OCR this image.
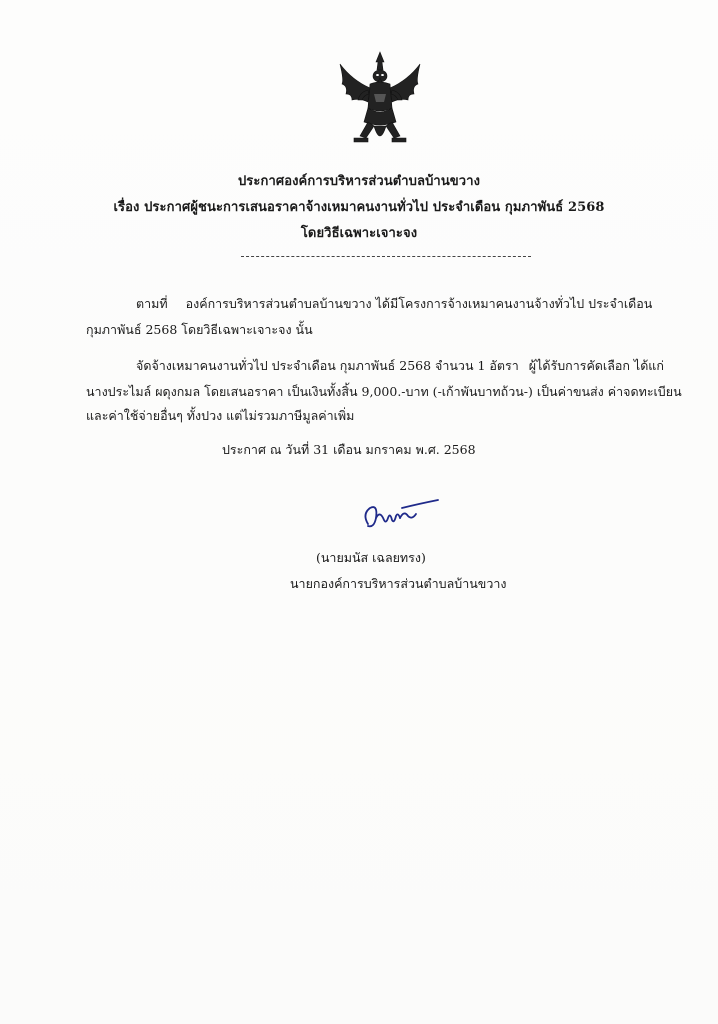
ประกาศองค์การบริหารส่วนตำบลบ้านขวาง
เรื่อง ประกาศผู้ชนะการเสนอราคาจ้างเหมาคนงานทั่วไป ประจำเดือน กุมภาพันธ์ 2568
โดยวิธีเฉพาะเจาะจง
ตามที่ องค์การบริหารส่วนตำบลบ้านขวาง ได้มีโครงการจ้างเหมาคนงานจ้างทั่วไป ประจำเดือน
กุมภาพันธ์ 2568 โดยวิธีเฉพาะเจาะจง นั้น
จัดจ้างเหมาคนงานทั่วไป ประจำเดือน กุมภาพันธ์ 2568 จำนวน 1 อัตรา ผู้ได้รับการคัดเลือก ได้แก่
นางประไมล์ ผดุงกมล โดยเสนอราคา เป็นเงินทั้งสิ้น 9,000.-บาท (-เก้าพันบาทถ้วน-) เป็นค่าขนส่ง ค่าจดทะเบียน
และค่าใช้จ่ายอื่นๆ ทั้งปวง แต่ไม่รวมภาษีมูลค่าเพิ่ม
ประกาศ ณ วันที่ 31 เดือน มกราคม พ.ศ. 2568
(นายมนัส เฉลยทรง)
นายกองค์การบริหารส่วนตำบลบ้านขวาง
